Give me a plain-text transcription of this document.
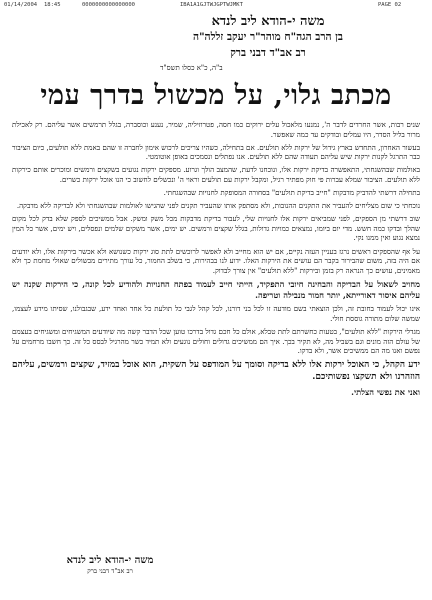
01/14/2004 18:45	0000000000000000	IBA1A1GJTWJGPTWJMKT	PAGE 02
משה י-הודא ליב לנדא
בן הרב הגה"ח מוהר"ר יעקב זללה"ה
רב אב"ד דבני ברק
ב"ה, כ"א כסלו תשס"ד
מכתב גלוי, על מכשול בדרך עמי

שנים רבות, אשר החרדים לדבר ה', נמנעו מלאכול עלים ירוקים כמו חסה, פטרוזיליה, שמיר, נענע וכוסברה, בגלל תרמשים אשר עליהם. רק לאכילת מרור בליל הסדר, היו עמלים ובודקים עד כמה שאפשר.

בעשור האחרון, התחדש בארץ גידול של ירקות ללא תולעים. אם בתחילה, כשהיו צריכים לרכוש אימון לחברה זו שהם באמת ללא תולעים, כיום הציבור כבר התרגל לקנות ירקות שיש עליהם תעודה שהם ללא תולעים. אנו נפתלים ונסמכים באופן אוטומטי.

באולמות שבהשגחתי, התאפשרה בדיקת ירקות אלו, ונוכחנו לדעת, שהמצב הולך וגרוע. מספקים ירקות נגועים בשקצים ורמשים ומוכרים אותם כירקות ללא תולעים. הציבור שמלא עברות פי חוק מפתיר רגיל, ומקבל ירקות עם תולעים וראוי ה' ונכשלים לחשוב כי הנו אוכל ירקות כשרים.

בתחילה דרשתי להדביק מדבקות "חייב בדיקת תולעים" בסחורה המסופקת לחנויות שבהשגחתי.

נוכחתי כי שום מצליחים להעביר את התקנים ההנובות, ולא מסתפק אותו שהעביר תקנים לפני שהגישו לאולמות שבהשגחתי ולא לבדיקה ללא מדבקה.

שוב דרשתי מן הספקים, לפני שמביאים ירקות אלו לחנויות שלי, לעבור בדיקת מדבקות מכל משק ומשק. אבל ממשיכים לספק שלא בדק לכל מקום שהלך ובדקו כמה חשש. מדי יום ביומו, נמצאים כמויות גדולות, בגלל שקצים ורמשים. יש ימים, אשר משקים שלמים ונפסלים, ויש ימים, אשר כל המין נמצא נגוע ואין ממנו נקי.

על אף שהספקים ראשים נרגז בעניין העזה נקיים, אם יש הוא מחייב ולא לאפשר לרוכשים לתת סוג ירקות כשנושא ולא אכשר בירקות אלו, ולא יודעים אם היה בזה, משום שהבירור בקבר הם עושים את הירקות האלו. ידוע לנו בבהירות, כי בשלב החמור, כל עורך מתירים מכשולים שאולי מחמת כך ולא מאמינים, עושים כך הנראה רק בזמן ובירקות "ללא תולעים" אין צורך לבדוק.

מחויב לשאול על הבדיקה והבחינה חיובי התפקיד, הייתי חייב לעמוד בפתח החנויות ולהודיע לכל קונה, כי הירקות שקנה יש עליהם איסור דאורייתא, יותר חמור מנבילה וטריפה.

אינו יכול לעמוד בחובת זה, ולכן הוצאתי בשם מודעה זו לכל בני דורנו, לכל קהל לגבי כל תולעת כל אחד ואחד ידע, שבגבולנו, שסיתו מידע לעצמו, שמשה שלום מתורה גוססת חולי.

מגדלי הירקות "ללא תולעים", בטעות כחשרתם לתת טבלא, אולם כל חכם גדול בדרכו טוען שכל הדבר קשה מה שיודעים המשגיחים ומשגיחים בעצמם של עולם הזה מונים וגם בשביל מה, לא תקיר בכך. איך הם ממשיכים גדולים וחולים נוגעים ולא תמיד כשר מהרגיל לבסס כל זה. כך חשבו מרחמים על נפשם ואנו מה הם ממשיכים אשר, ולא בדקו.

ידע הקהל, כי האוכל ירקות אלו ללא בדיקה וסומך על המודפס על השקית, הוא אוכל במזיד, שקצים ורמשים, עליהם הוזהרנו ולא תשקצו נפשותיכם.

ואני את נפשי הצלתי.

משה י-הודא ליב לנדא
רב אב"ד דבני ברק
